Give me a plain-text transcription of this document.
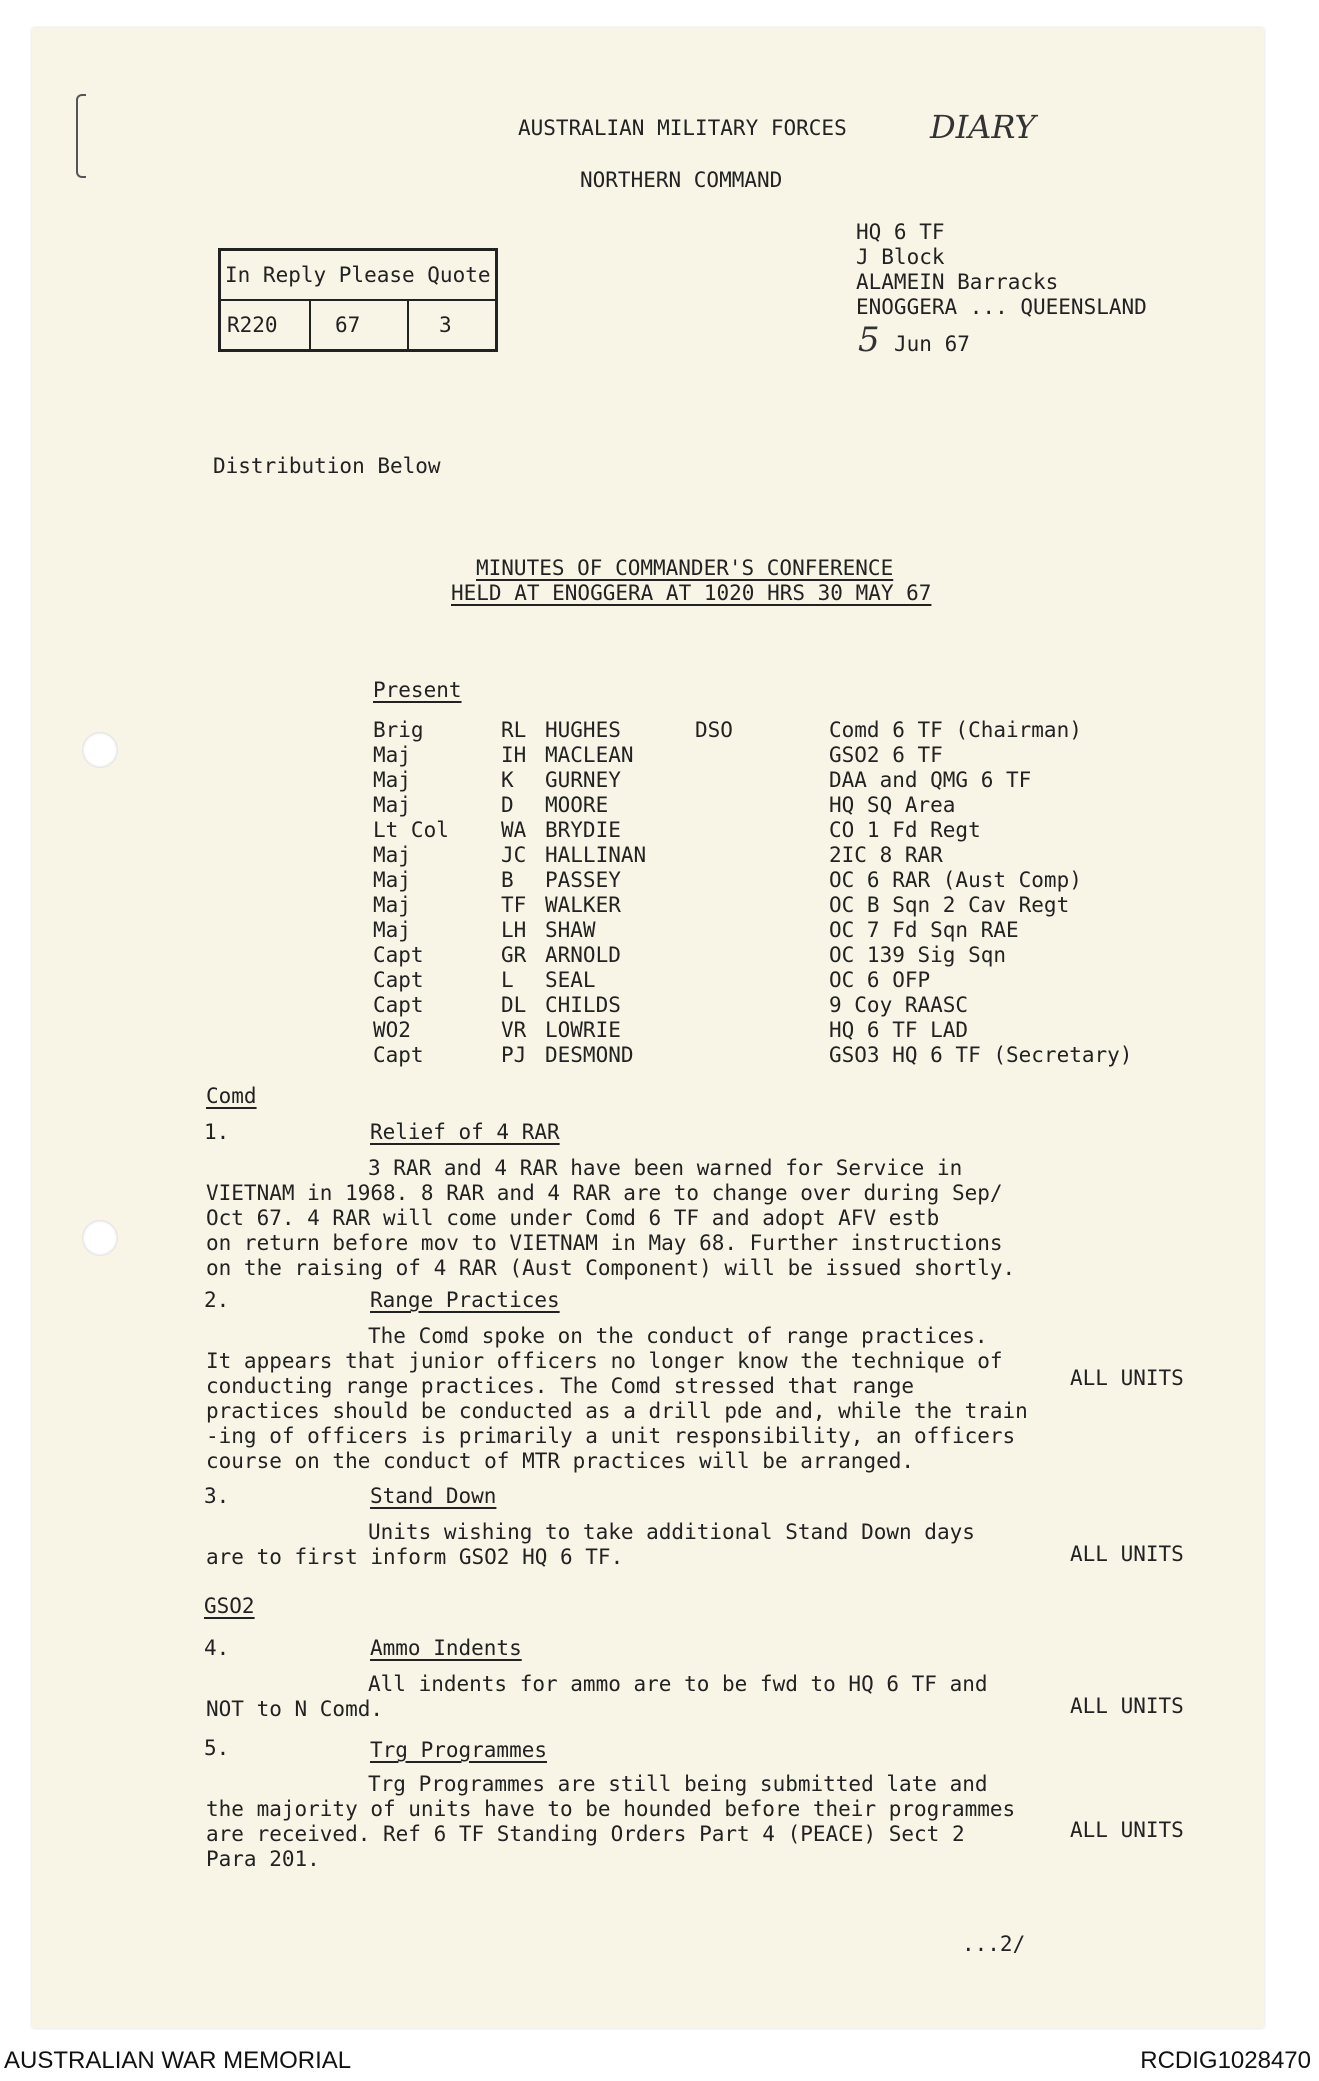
AUSTRALIAN MILITARY FORCES	DIARY
NORTHERN COMMAND
In Reply Please Quote
R220	67	3
HQ 6 TF
J Block
ALAMEIN Barracks
ENOGGERA ... QUEENSLAND
5 Jun 67
Distribution Below
MINUTES OF COMMANDER'S CONFERENCE
HELD AT ENOGGERA AT 1020 HRS 30 MAY 67
Present
Brig	RL HUGHES	DSO	Comd 6 TF (Chairman)
Maj	IH MACLEAN	GSO2 6 TF
Maj	K GURNEY	DAA and QMG 6 TF
Maj	D MOORE	HQ SQ Area
Lt Col WA BRYDIE	CO 1 Fd Regt
Maj	JC HALLINAN	2IC 8 RAR
Maj	B PASSEY	OC 6 RAR (Aust Comp)
Maj	TF WALKER	OC B Sqn 2 Cav Regt
Maj	LH SHAW	OC 7 Fd Sqn RAE
Capt	GR ARNOLD	OC 139 Sig Sqn
Capt	L SEAL	OC 6 OFP
Capt	DL CHILDS	9 Coy RAASC
WO2	VR LOWRIE	HQ 6 TF LAD
Capt	PJ DESMOND	GSO3 HQ 6 TF (Secretary)
Comd
1.	Relief of 4 RAR
3 RAR and 4 RAR have been warned for Service in
VIETNAM in 1968. 8 RAR and 4 RAR are to change over during Sep/
Oct 67. 4 RAR will come under Comd 6 TF and adopt AFV estb
on return before mov to VIETNAM in May 68. Further instructions
on the raising of 4 RAR (Aust Component) will be issued shortly.
2.	Range Practices
The Comd spoke on the conduct of range practices.
It appears that junior officers no longer know the technique of
conducting range practices. The Comd stressed that range
practices should be conducted as a drill pde and, while the train
-ing of officers is primarily a unit responsibility, an officers
course on the conduct of MTR practices will be arranged.
ALL UNITS
3.	Stand Down
Units wishing to take additional Stand Down days
are to first inform GSO2 HQ 6 TF.	ALL UNITS
4.	Ammo Indents
All indents for ammo are to be fwd to HQ 6 TF and
NOT to N Comd.	ALL UNITS
5.	Trg Programmes
Trg Programmes are still being submitted late and
the majority of units have to be hounded before their programmes
are received. Ref 6 TF Standing Orders Part 4 (PEACE) Sect 2
Para 201.
ALL UNITS
GSO2
...2/
AUSTRALIAN WAR MEMORIAL	RCDIG1028470
